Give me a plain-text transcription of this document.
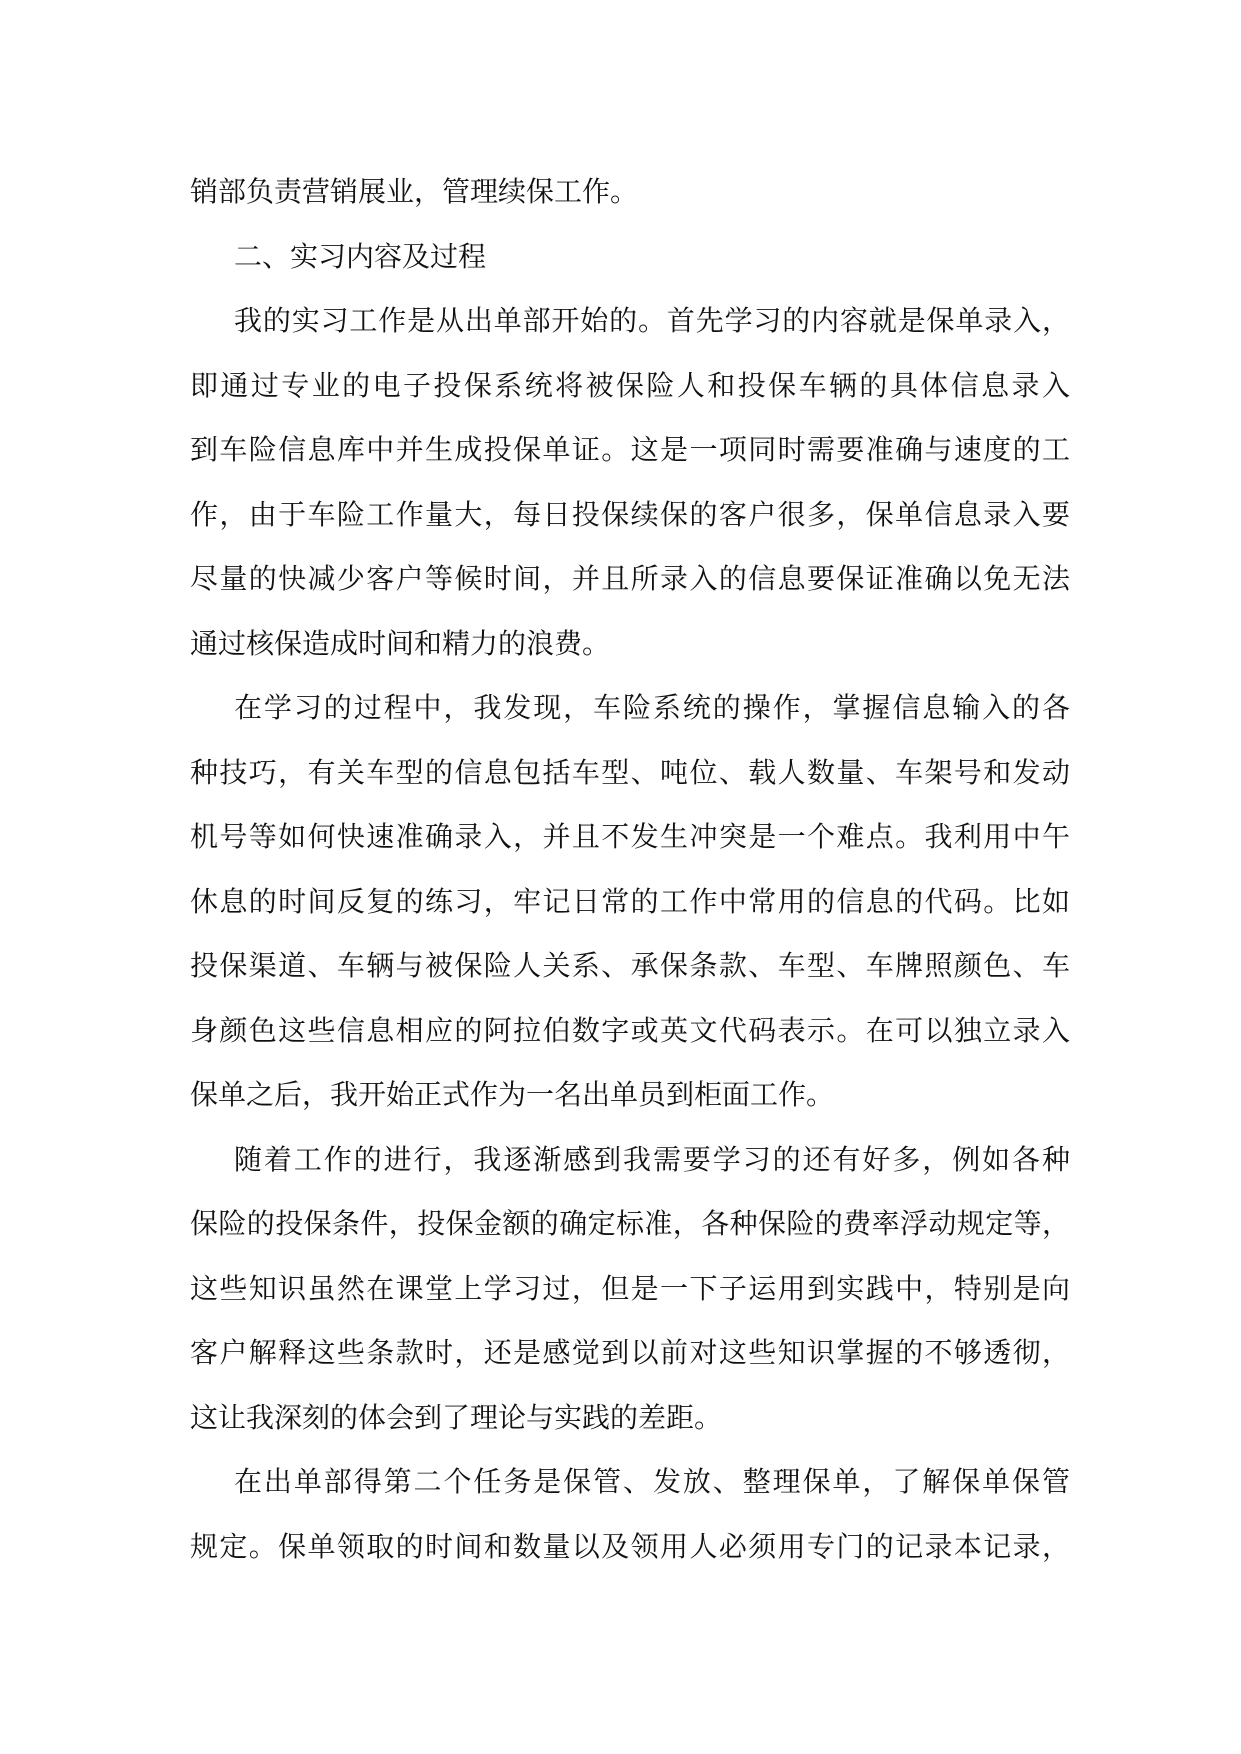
销部负责营销展业，管理续保工作。
二、实习内容及过程
我的实习工作是从出单部开始的。首先学习的内容就是保单录入，
即通过专业的电子投保系统将被保险人和投保车辆的具体信息录入
到车险信息库中并生成投保单证。这是一项同时需要准确与速度的工
作，由于车险工作量大，每日投保续保的客户很多，保单信息录入要
尽量的快减少客户等候时间，并且所录入的信息要保证准确以免无法
通过核保造成时间和精力的浪费。
在学习的过程中，我发现，车险系统的操作，掌握信息输入的各
种技巧，有关车型的信息包括车型、吨位、载人数量、车架号和发动
机号等如何快速准确录入，并且不发生冲突是一个难点。我利用中午
休息的时间反复的练习，牢记日常的工作中常用的信息的代码。比如
投保渠道、车辆与被保险人关系、承保条款、车型、车牌照颜色、车
身颜色这些信息相应的阿拉伯数字或英文代码表示。在可以独立录入
保单之后，我开始正式作为一名出单员到柜面工作。
随着工作的进行，我逐渐感到我需要学习的还有好多，例如各种
保险的投保条件，投保金额的确定标准，各种保险的费率浮动规定等，
这些知识虽然在课堂上学习过，但是一下子运用到实践中，特别是向
客户解释这些条款时，还是感觉到以前对这些知识掌握的不够透彻，
这让我深刻的体会到了理论与实践的差距。
在出单部得第二个任务是保管、发放、整理保单，了解保单保管
规定。保单领取的时间和数量以及领用人必须用专门的记录本记录，
